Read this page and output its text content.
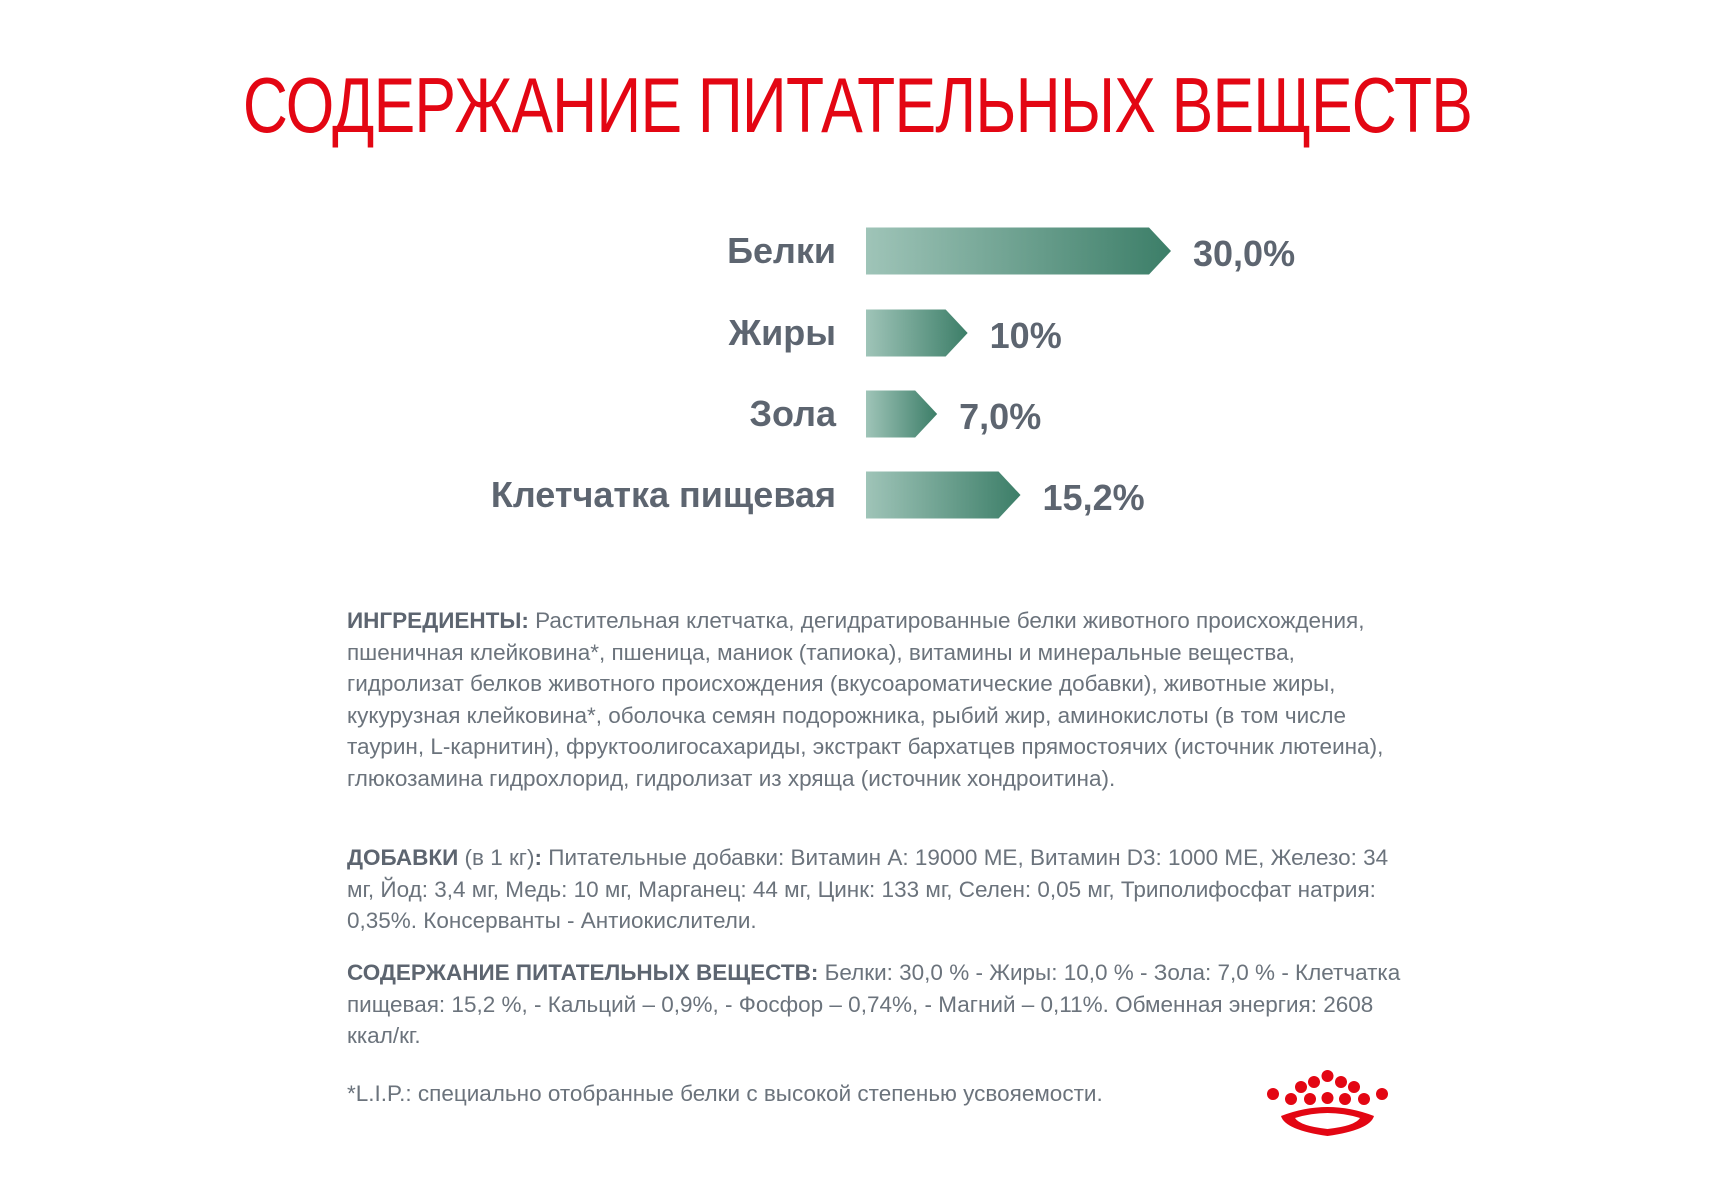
СОДЕРЖАНИЕ ПИТАТЕЛЬНЫХ ВЕЩЕСТВ
Белки	30,0%
Жиры	10%
Зола	7,0%
Клетчатка пищевая	15,2%
ИНГРЕДИЕНТЫ: Растительная клетчатка, дегидратированные белки животного происхождения, пшеничная клейковина*, пшеница, маниок (тапиока), витамины и минеральные вещества, гидролизат белков животного происхождения (вкусоароматические добавки), животные жиры, кукурузная клейковина*, оболочка семян подорожника, рыбий жир, аминокислоты (в том числе таурин, L-карнитин), фруктоолигосахариды, экстракт бархатцев прямостоячих (источник лютеина), глюкозамина гидрохлорид, гидролизат из хряща (источник хондроитина).
ДОБАВКИ (в 1 кг): Питательные добавки: Витамин A: 19000 МЕ, Витамин D3: 1000 МЕ, Железо: 34 мг, Йод: 3,4 мг, Медь: 10 мг, Марганец: 44 мг, Цинк: 133 мг, Селен: 0,05 мг, Триполифосфат натрия: 0,35%. Консерванты - Антиокислители.
СОДЕРЖАНИЕ ПИТАТЕЛЬНЫХ ВЕЩЕСТВ: Белки: 30,0 % - Жиры: 10,0 % - Зола: 7,0 % - Клетчатка пищевая: 15,2 %, - Кальций – 0,9%, - Фосфор – 0,74%, - Магний – 0,11%. Обменная энергия: 2608 ккал/кг.
*L.I.P.: специально отобранные белки с высокой степенью усвояемости.
